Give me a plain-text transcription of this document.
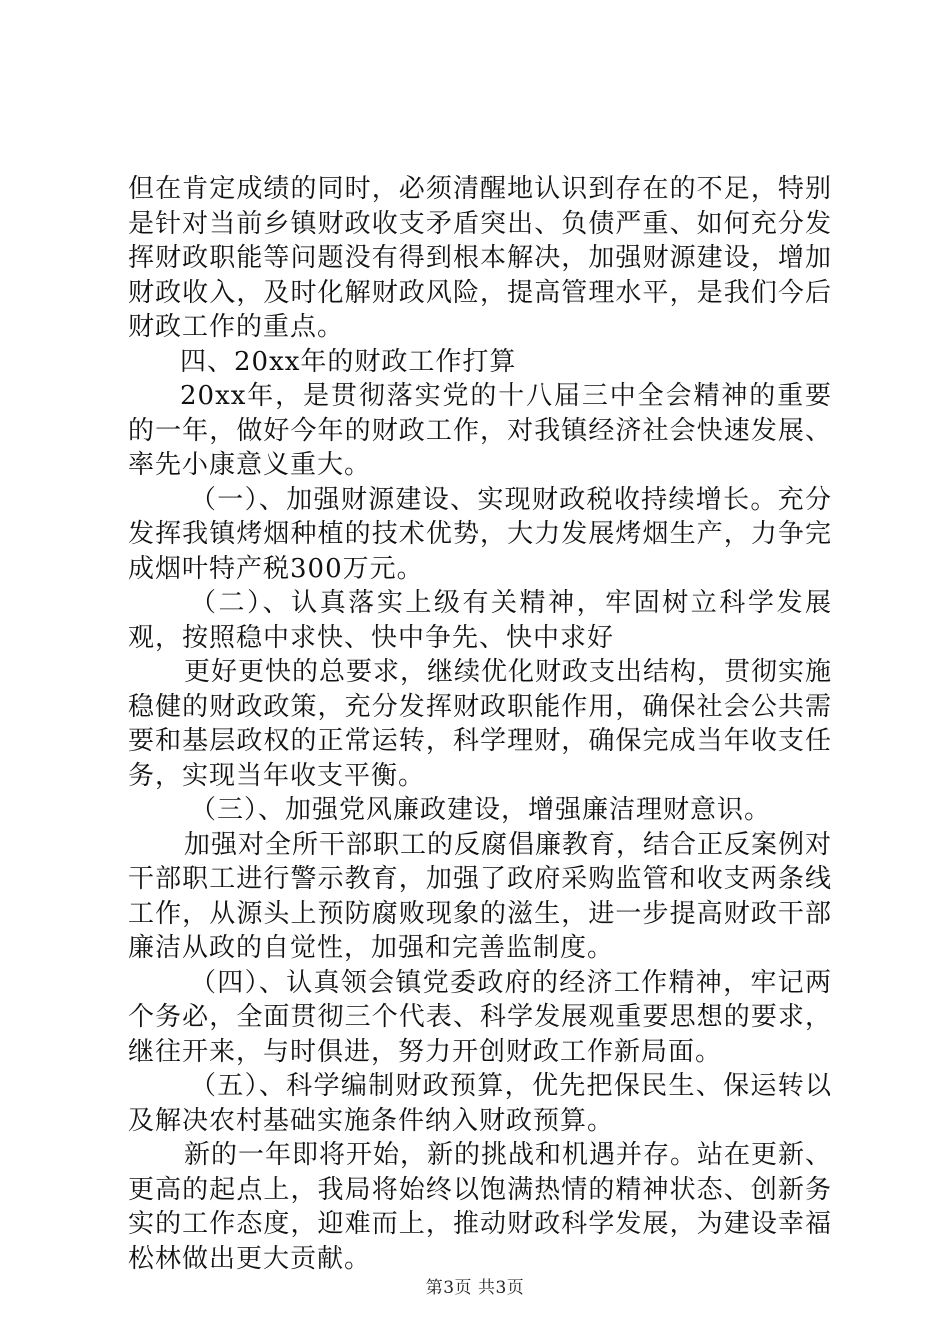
但在肯定成绩的同时，必须清醒地认识到存在的不足，特别是针对当前乡镇财政收支矛盾突出、负债严重、如何充分发挥财政职能等问题没有得到根本解决，加强财源建设，增加财政收入，及时化解财政风险，提高管理水平，是我们今后财政工作的重点。

四、20xx年的财政工作打算

20xx年，是贯彻落实党的十八届三中全会精神的重要的一年，做好今年的财政工作，对我镇经济社会快速发展、率先小康意义重大。

（一）、加强财源建设、实现财政税收持续增长。充分发挥我镇烤烟种植的技术优势，大力发展烤烟生产，力争完成烟叶特产税300万元。

（二）、认真落实上级有关精神，牢固树立科学发展观，按照稳中求快、快中争先、快中求好

更好更快的总要求，继续优化财政支出结构，贯彻实施稳健的财政政策，充分发挥财政职能作用，确保社会公共需要和基层政权的正常运转，科学理财，确保完成当年收支任务，实现当年收支平衡。

（三）、加强党风廉政建设，增强廉洁理财意识。

加强对全所干部职工的反腐倡廉教育，结合正反案例对干部职工进行警示教育，加强了政府采购监管和收支两条线工作，从源头上预防腐败现象的滋生，进一步提高财政干部廉洁从政的自觉性，加强和完善监制度。

（四）、认真领会镇党委政府的经济工作精神，牢记两个务必，全面贯彻三个代表、科学发展观重要思想的要求，继往开来，与时俱进，努力开创财政工作新局面。

（五）、科学编制财政预算，优先把保民生、保运转以及解决农村基础实施条件纳入财政预算。

新的一年即将开始，新的挑战和机遇并存。站在更新、更高的起点上，我局将始终以饱满热情的精神状态、创新务实的工作态度，迎难而上，推动财政科学发展，为建设幸福松林做出更大贡献。

第3页 共3页
